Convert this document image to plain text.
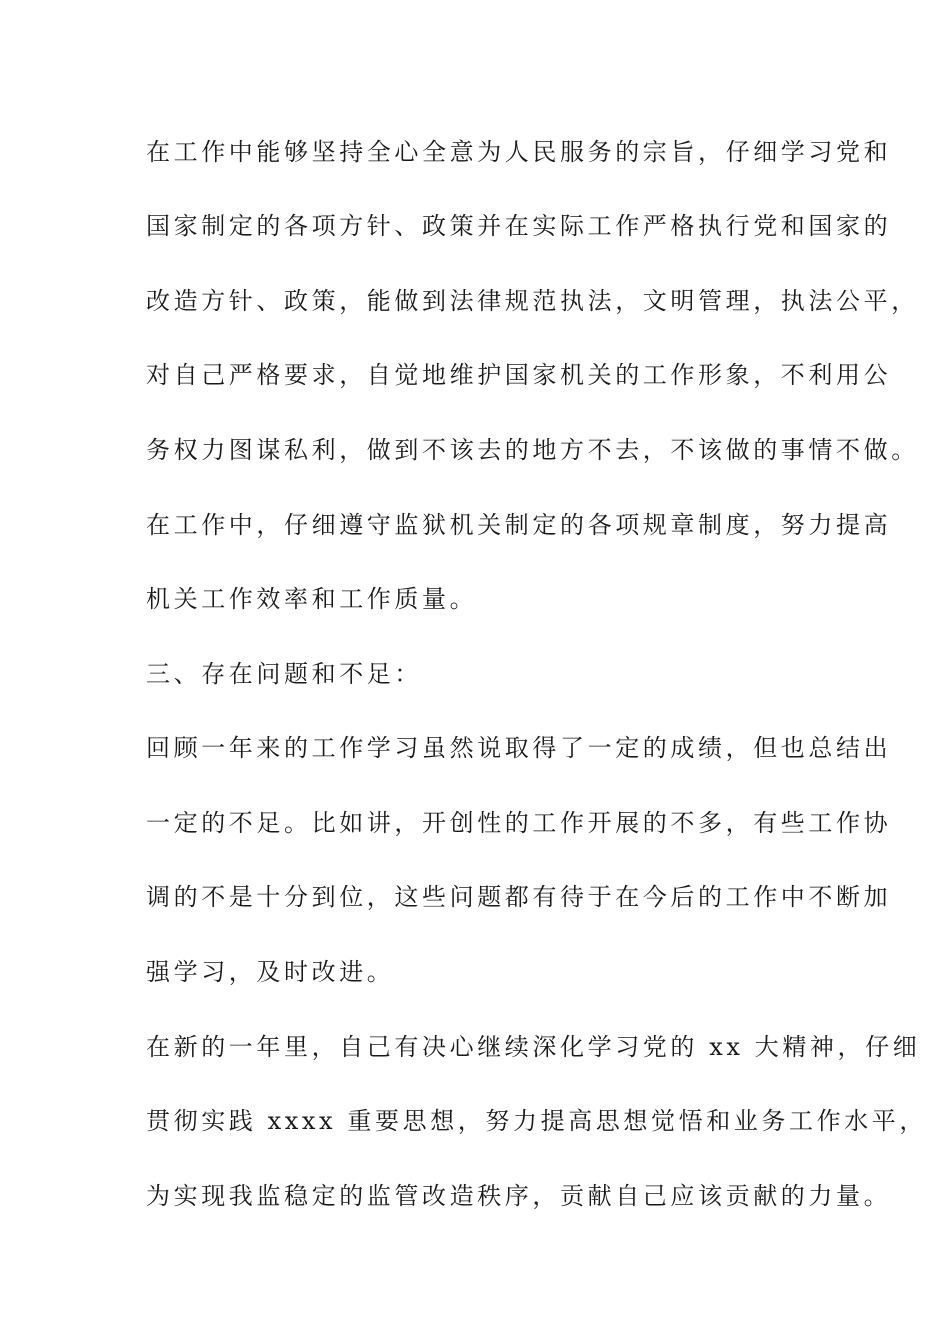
在工作中能够坚持全心全意为人民服务的宗旨，仔细学习党和

国家制定的各项方针、政策并在实际工作严格执行党和国家的

改造方针、政策，能做到法律规范执法，文明管理，执法公平，

对自己严格要求，自觉地维护国家机关的工作形象，不利用公

务权力图谋私利，做到不该去的地方不去，不该做的事情不做。

在工作中，仔细遵守监狱机关制定的各项规章制度，努力提高

机关工作效率和工作质量。

三、存在问题和不足：

回顾一年来的工作学习虽然说取得了一定的成绩，但也总结出

一定的不足。比如讲，开创性的工作开展的不多，有些工作协

调的不是十分到位，这些问题都有待于在今后的工作中不断加

强学习，及时改进。

在新的一年里，自己有决心继续深化学习党的 xx 大精神，仔细

贯彻实践 xxxx 重要思想，努力提高思想觉悟和业务工作水平，

为实现我监稳定的监管改造秩序，贡献自己应该贡献的力量。
